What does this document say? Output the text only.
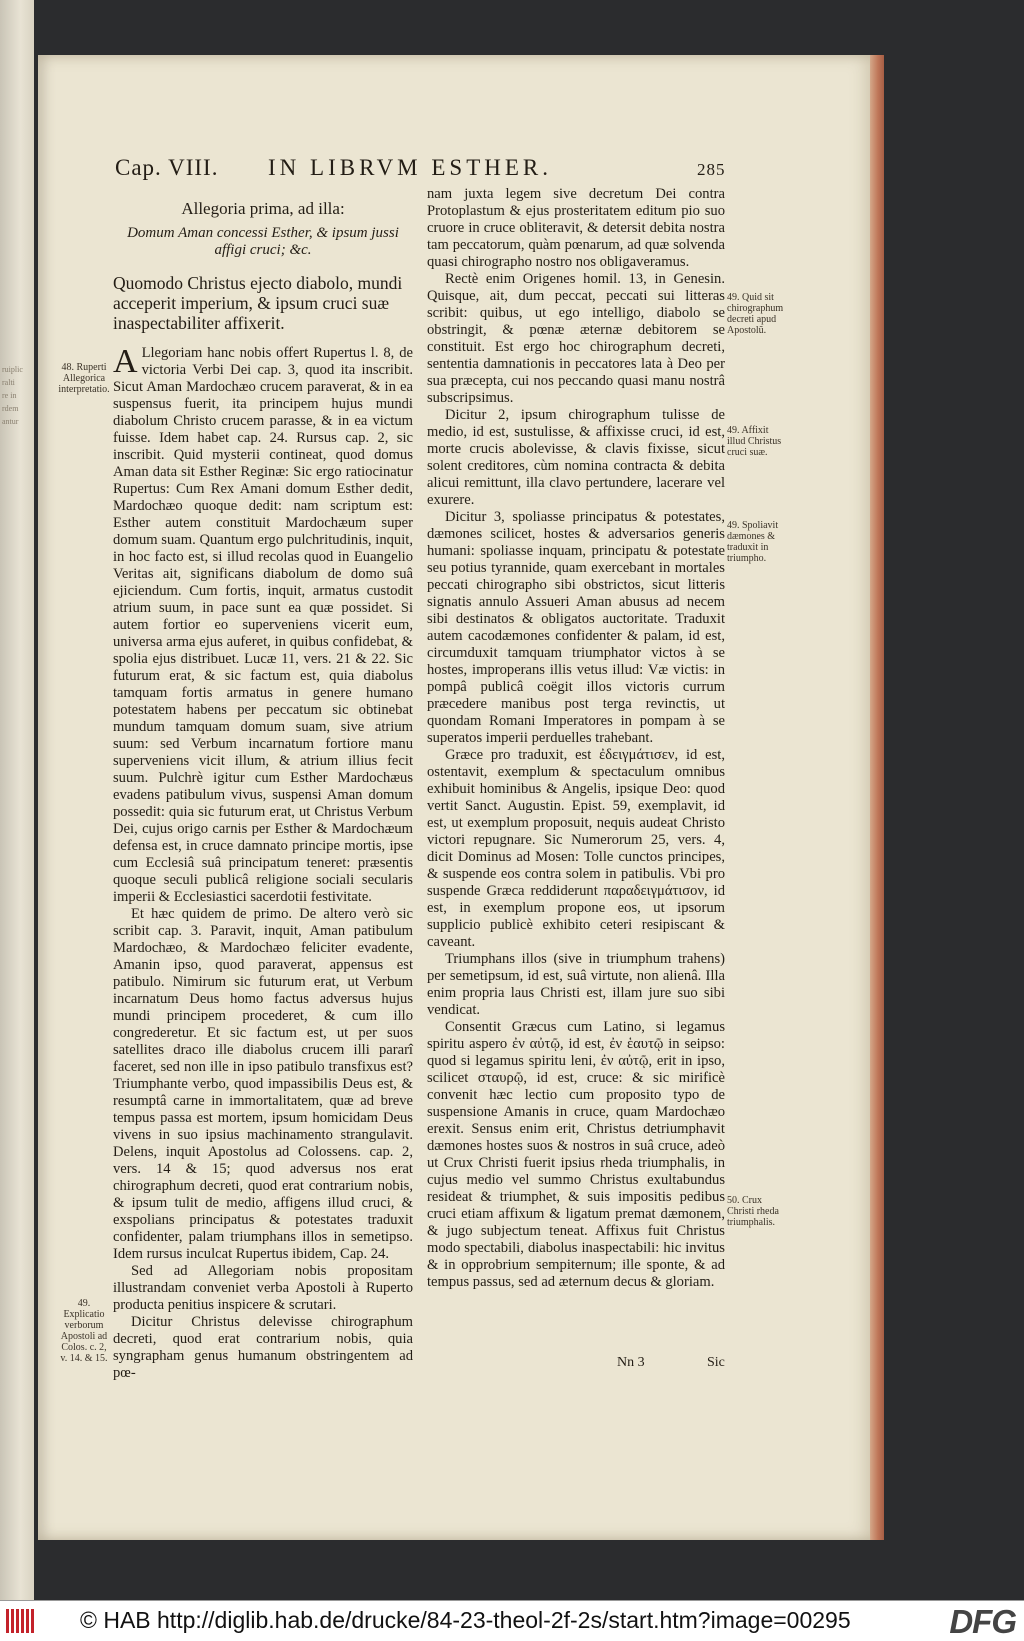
ruiplic
ralti
re in
rdem
antur
Cap. VIII. IN LIBRVM ESTHER.	285

Allegoria prima, ad illa:

Domum Aman concessi Esther, & ipsum jussi affigi cruci; &c.

Quomodo Christus ejecto diabolo, mundi acceperit imperium, & ipsum cruci suæ inaspectabiliter affixerit.

A Llegoriam hanc nobis offert Rupertus l. 8, de victoria Verbi Dei cap. 3, quod ita inscribit. Sicut Aman Mardochæo crucem paraverat, & in ea suspensus fuerit, ita principem hujus mundi diabolum Christo crucem parasse, & in ea victum fuisse. Idem habet cap. 24. Rursus cap. 2, sic inscribit. Quid mysterii contineat, quod domus Aman data sit Esther Reginæ: Sic ergo ratiocinatur Rupertus: Cum Rex Amani domum Esther dedit, Mardochæo quoque dedit: nam scriptum est: Esther autem constituit Mardochæum super domum suam. Quantum ergo pulchritudinis, inquit, in hoc facto est, si illud recolas quod in Euangelio Veritas ait, significans diabolum de domo suâ ejiciendum. Cum fortis, inquit, armatus custodit atrium suum, in pace sunt ea quæ possidet. Si autem fortior eo superveniens vicerit eum, universa arma ejus auferet, in quibus confidebat, & spolia ejus distribuet. Lucæ 11, vers. 21 & 22. Sic futurum erat, & sic factum est, quia diabolus tamquam fortis armatus in genere humano potestatem habens per peccatum sic obtinebat mundum tamquam domum suam, sive atrium suum: sed Verbum incarnatum fortiore manu superveniens vicit illum, & atrium illius fecit suum. Pulchrè igitur cum Esther Mardochæus evadens patibulum vivus, suspensi Aman domum possedit: quia sic futurum erat, ut Christus Verbum Dei, cujus origo carnis per Esther & Mardochæum defensa est, in cruce damnato principe mortis, ipse cum Ecclesiâ suâ principatum teneret: præsentis quoque seculi publicâ religione sociali secularis imperii & Ecclesiastici sacerdotii festivitate.

Et hæc quidem de primo. De altero verò sic scribit cap. 3. Paravit, inquit, Aman patibulum Mardochæo, & Mardochæo feliciter evadente, Amanin ipso, quod paraverat, appensus est patibulo. Nimirum sic futurum erat, ut Verbum incarnatum Deus homo factus adversus hujus mundi principem procederet, & cum illo congrederetur. Et sic factum est, ut per suos satellites draco ille diabolus crucem illi pararî faceret, sed non ille in ipso patibulo transfixus est? Triumphante verbo, quod impassibilis Deus est, & resumptâ carne in immortalitatem, quæ ad breve tempus passa est mortem, ipsum homicidam Deus vivens in suo ipsius machinamento strangulavit. Delens, inquit Apostolus ad Colossens. cap. 2, vers. 14 & 15; quod adversus nos erat chirographum decreti, quod erat contrarium nobis, & ipsum tulit de medio, affigens illud cruci, & exspolians principatus & potestates traduxit confidenter, palam triumphans illos in semetipso. Idem rursus inculcat Rupertus ibidem, Cap. 24.

Sed ad Allegoriam nobis propositam illustrandam conveniet verba Apostoli à Ruperto producta penitius inspicere & scrutari.

Dicitur Christus delevisse chirographum decreti, quod erat contrarium nobis, quia syngrapham genus humanum obstringentem ad pœ-

nam juxta legem sive decretum Dei contra Protoplastum & ejus prosteritatem editum pio suo cruore in cruce obliteravit, & detersit debita nostra tam peccatorum, quàm pœnarum, ad quæ solvenda quasi chirographo nostro nos obligaveramus.

Rectè enim Origenes homil. 13, in Genesin. Quisque, ait, dum peccat, peccati sui litteras scribit: quibus, ut ego intelligo, diabolo se obstringit, & pœnæ æternæ debitorem se constituit. Est ergo hoc chirographum decreti, sententia damnationis in peccatores lata à Deo per sua præcepta, cui nos peccando quasi manu nostrâ subscripsimus.

Dicitur 2, ipsum chirographum tulisse de medio, id est, sustulisse, & affixisse cruci, id est, morte crucis abolevisse, & clavis fixisse, sicut solent creditores, cùm nomina contracta & debita alicui remittunt, illa clavo pertundere, lacerare vel exurere.

Dicitur 3, spoliasse principatus & potestates, dæmones scilicet, hostes & adversarios generis humani: spoliasse inquam, principatu & potestate seu potius tyrannide, quam exercebant in mortales peccati chirographo sibi obstrictos, sicut litteris signatis annulo Assueri Aman abusus ad necem sibi destinatos & obligatos auctoritate. Traduxit autem cacodæmones confidenter & palam, id est, circumduxit tamquam triumphator victos à se hostes, improperans illis vetus illud: Væ victis: in pompâ publicâ coëgit illos victoris currum præcedere manibus post terga revinctis, ut quondam Romani Imperatores in pompam à se superatos imperii perduelles trahebant.

Græce pro traduxit, est ἐδειγμάτισεν, id est, ostentavit, exemplum & spectaculum omnibus exhibuit hominibus & Angelis, ipsique Deo: quod vertit Sanct. Augustin. Epist. 59, exemplavit, id est, ut exemplum proposuit, nequis audeat Christo victori repugnare. Sic Numerorum 25, vers. 4, dicit Dominus ad Mosen: Tolle cunctos principes, & suspende eos contra solem in patibulis. Vbi pro suspende Græca reddiderunt παραδειγμάτισον, id est, in exemplum propone eos, ut ipsorum supplicio publicè exhibito ceteri resipiscant & caveant.

Triumphans illos (sive in triumphum trahens) per semetipsum, id est, suâ virtute, non alienâ. Illa enim propria laus Christi est, illam jure suo sibi vendicat.

Consentit Græcus cum Latino, si legamus spiritu aspero ἐν αὐτῷ, id est, ἐν ἑαυτῷ in seipso: quod si legamus spiritu leni, ἐν αὐτῷ, erit in ipso, scilicet σταυρῷ, id est, cruce: & sic mirificè convenit hæc lectio cum proposito typo de suspensione Amanis in cruce, quam Mardochæo erexit. Sensus enim erit, Christus detriumphavit dæmones hostes suos & nostros in suâ cruce, adeò ut Crux Christi fuerit ipsius rheda triumphalis, in cujus medio vel summo Christus exultabundus resideat & triumphet, & suis impositis pedibus cruci etiam affixum & ligatum premat dæmonem, & jugo subjectum teneat. Affixus fuit Christus modo spectabili, diabolus inaspectabili: hic invitus & in opprobrium sempiternum; ille sponte, & ad tempus passus, sed ad æternum decus & gloriam.

48. Ruperti Allegorica interpretatio.
49. Explicatio verborum Apostoli ad Colos. c. 2, v. 14. & 15.
49. Quid sit chirographum decreti apud Apostolũ.
49. Affixit illud Christus cruci suæ.
49. Spoliavit dæmones & traduxit in triumpho.
50. Crux Christi rheda triumphalis.
Nn 3	Sic
© HAB http://diglib.hab.de/drucke/84-23-theol-2f-2s/start.htm?image=00295	DFG
